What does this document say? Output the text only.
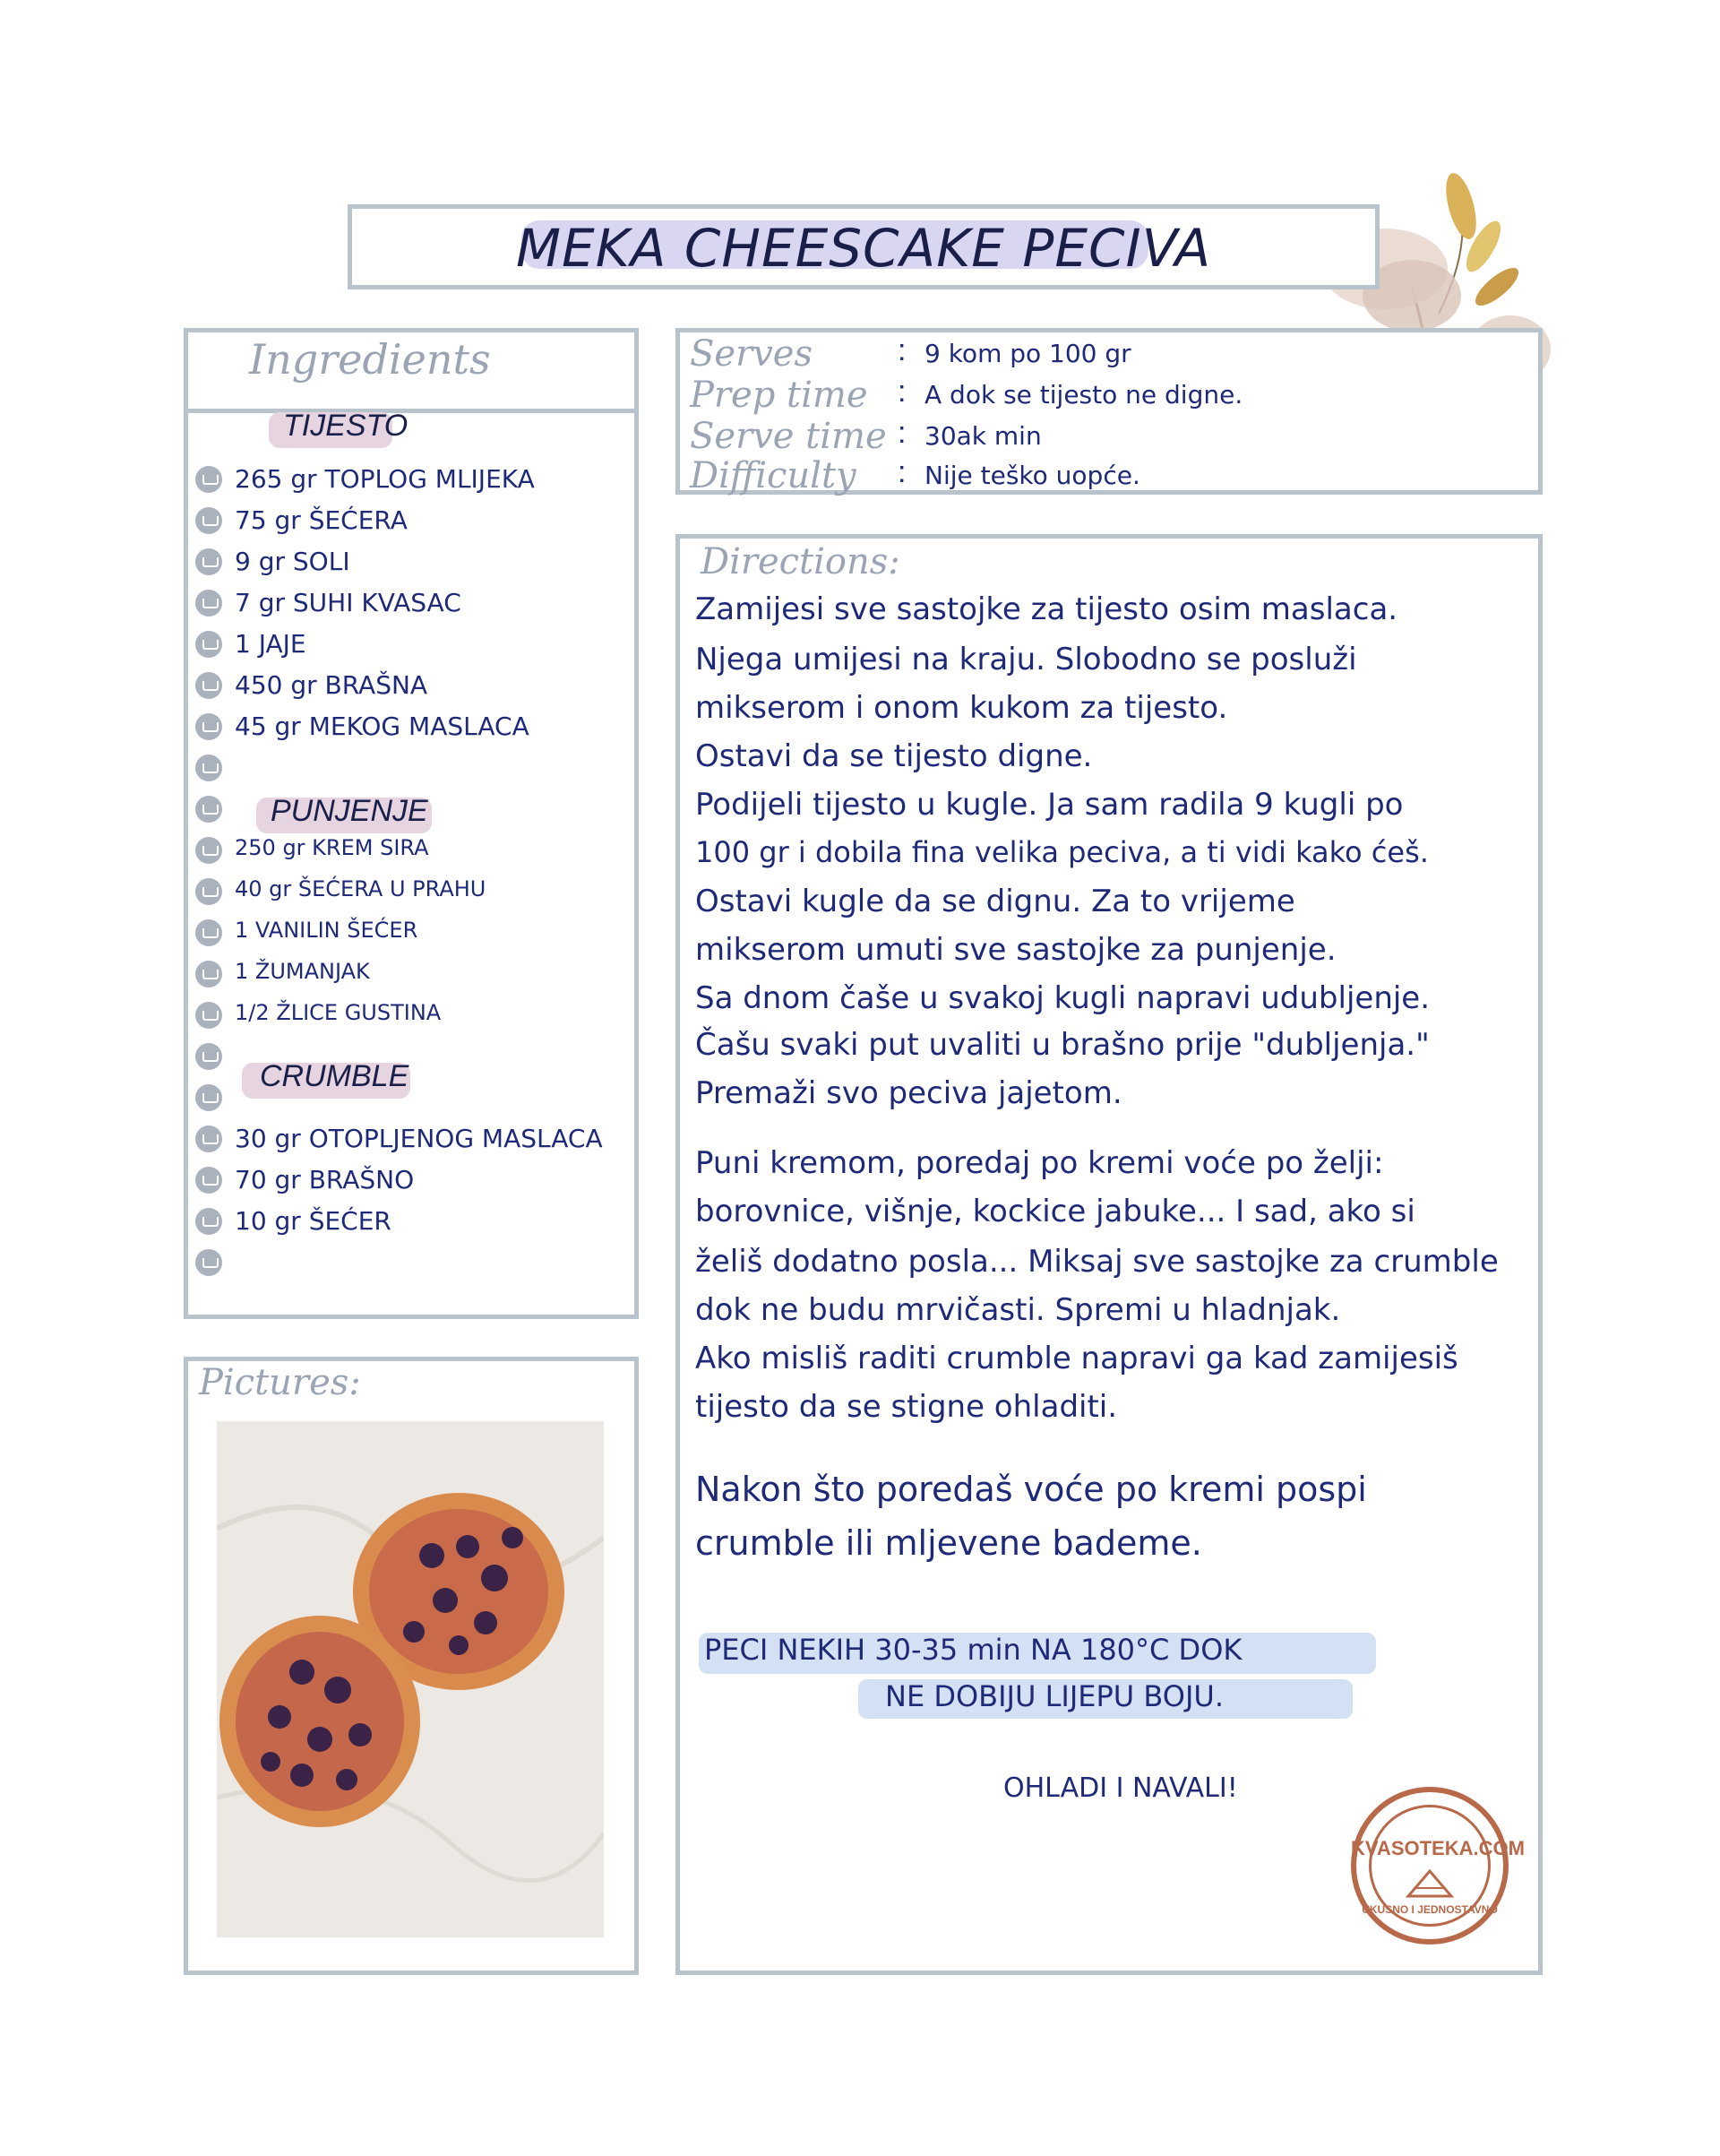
MEKA CHEESCAKE PECIVA
Ingredients
TIJESTO
265 gr TOPLOG MLIJEKA
75 gr ŠEĆERA
9 gr SOLI
7 gr SUHI KVASAC
1 JAJE
450 gr BRAŠNA
45 gr MEKOG MASLACA
PUNJENJE
250 gr KREM SIRA
40 gr ŠEĆERA U PRAHU
1 VANILIN ŠEĆER
1 ŽUMANJAK
1/2 ŽLICE GUSTINA
CRUMBLE
30 gr OTOPLJENOG MASLACA
70 gr BRAŠNO
10 gr ŠEĆER
Serves	: 9 kom po 100 gr
Prep time : A dok se tijesto ne digne.
Serve time : 30ak min
Difficulty : Nije teško uopće.
Directions:
Zamijesi sve sastojke za tijesto osim maslaca.
Njega umijesi na kraju. Slobodno se posluži
mikserom i onom kukom za tijesto.
Ostavi da se tijesto digne.
Podijeli tijesto u kugle. Ja sam radila 9 kugli po
100 gr i dobila fina velika peciva, a ti vidi kako ćeš.
Ostavi kugle da se dignu. Za to vrijeme
mikserom umuti sve sastojke za punjenje.
Sa dnom čaše u svakoj kugli napravi udubljenje.
Čašu svaki put uvaliti u brašno prije "dubljenja."
Premaži svo peciva jajetom.
Puni kremom, poredaj po kremi voće po želji:
borovnice, višnje, kockice jabuke... I sad, ako si
želiš dodatno posla... Miksaj sve sastojke za crumble
dok ne budu mrvičasti. Spremi u hladnjak.
Ako misliš raditi crumble napravi ga kad zamijesiš
tijesto da se stigne ohladiti.
Nakon što poredaš voće po kremi pospi
crumble ili mljevene bademe.
PECI NEKIH 30-35 min NA 180°C DOK
NE DOBIJU LIJEPU BOJU.
OHLADI I NAVALI!
KVASOTEKA.COM
UKUSNO I JEDNOSTAVNO
Pictures:
